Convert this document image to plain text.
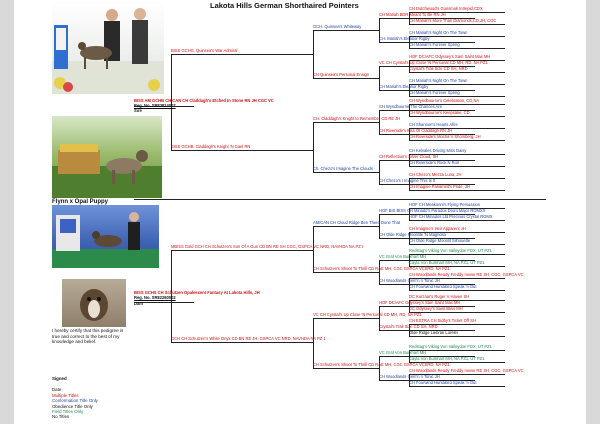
Lakota Hills German Shorthaired Pointers
Flynn x Opal Puppy
I hereby certify that this pedigree is true and correct to the best of my knowledge and belief.
Signed
Date
Multiple Titles
Conformation Title Only
Obedience Title Only
Field Titles Only
No Titles
BISS AM GCHB CH CAN CH Claddagh's Etched In Stone RN JH CGC VC
Reg. No. SR83814007
Sire
BISS GCHG. Quinsea's War Admiral
BISS GCHB. Claddagh's Knight 'N Gael RN
GCH. Quinsea's Whiteway
CH Quinsea's Personal Ensign
CH. Claddagh's Knight to Remember CD RE JH
Ch. Chezo's Imagine The Clouds
CH Mariah BDR Meant To Be RN JH
CH. Mariah's Eleanor Rigby
VC CH Cyrstal's Up Close 'N Personal CD MH, RD, NA PZ1
CH Mariah's Eleanor Rigby
CH Wyndbourne The Chances Are
CH Riverside's Kiss Of Claddagh RN JH
CH Reflection's Silver Cloud, SH
CH Chezo's I Imagine This Is It
CH Dutchwood's Gunsmok Intrepid,CDX
CH Mariah's More Than Diamonds,CD,JH, CGC
CH Mariah's Night On The Town
CH Mariah's Forever Spring
HOF DC/AFC Odyssey's Sam Saint Max MH
Crystal's Trail Size CD SH, NRD
CH Mariah's Night On The Town
CH Mariah's Forever Spring
CH Wyndbourne's Celebration, CD,NA
CH Wyndbourne's Keepsake, CD
CH Shannon's Hearts Afire
CH Riverside's Mocha V Shomberg, JH
CH Kelvales Driving Miss Daisy
CH Riverside's Rock N Roll
CH Chezo's Mezza Luna, JH
CH Imagine Panamint's Pride, JH
BISS GCHS CH Schutzen Opalescent Fantasy At Lakota Hills, JH
Reg. No. SR82260002
Dam
MBISS Gold GCH CH Schutzen's Son Of A Gun CD BN RE SH CGC, GSPCA VC NRD, NAVHDA NA PZ I
GCH CH Schutzen's White Onyx CD BN RE JH, GSPCA VC NRD, NAVHDA NA PZ 1
AM/CAN CH Cloud Ridge Ben There Done That
CH Schutzen's Shoot To Thrill CD RAE MH, CGC GSPCA VCSRD, NA PZ1
VC CH Cyrstal's Up Close 'N Personal CD MH, RD, NA PZ1
CH Schutzen's Shoot To Thrill CD RAE MH, CGC GSPCA VCSRD, NA PZ1
HOF BIS BISS CH Minado's Paradox Drum Major ROMXX
CH Olde Ridge Moonlite 'N Magnolia
VC Graf Von Burkhart MH
CH Woodlands Gem'n n Tonic JH
HOF DC/AFC Odyssey's Sam Saint Max MH
Crystal's Trail Size CD SH, NRD
VC Graf Von Burkhart MH
CH Woodlands Gem'n n Tonic JH
HOF CH Meakonni's Flying Persuasion
HOF CH Minados Ltd Precious Crystal ROMX
CH Imagine's Heir Apparent JH
CH Olde Ridge Moonlit Silhouette
Redstag's Viking Von Valleydoe FDX, UT PZ1
Cayla Von Burkhart MH, NA PZ1, UT PZ1
CH Woodlands Ready Freddy novse RE SH, CGC, GSPCA VC
CH Fourwind Huntabird Speak 'n Out
DC Kurzaar's Ruger V Haven SH
DC Odyssey's Saint Bliss MH
CH ESTRA CH Sidby's Ticket Off SH
Olde Ridge Liebran Lorelei
Redstag's Viking Von Valleydoe FDX, UT PZ1
Cayla Von Burkhart MH, NA PZ1, UT PZ1
CH Woodlands Ready Freddy novse RE SH, CGC, GSPCA VC
CH Fourwind Huntabird Speak 'n Out
